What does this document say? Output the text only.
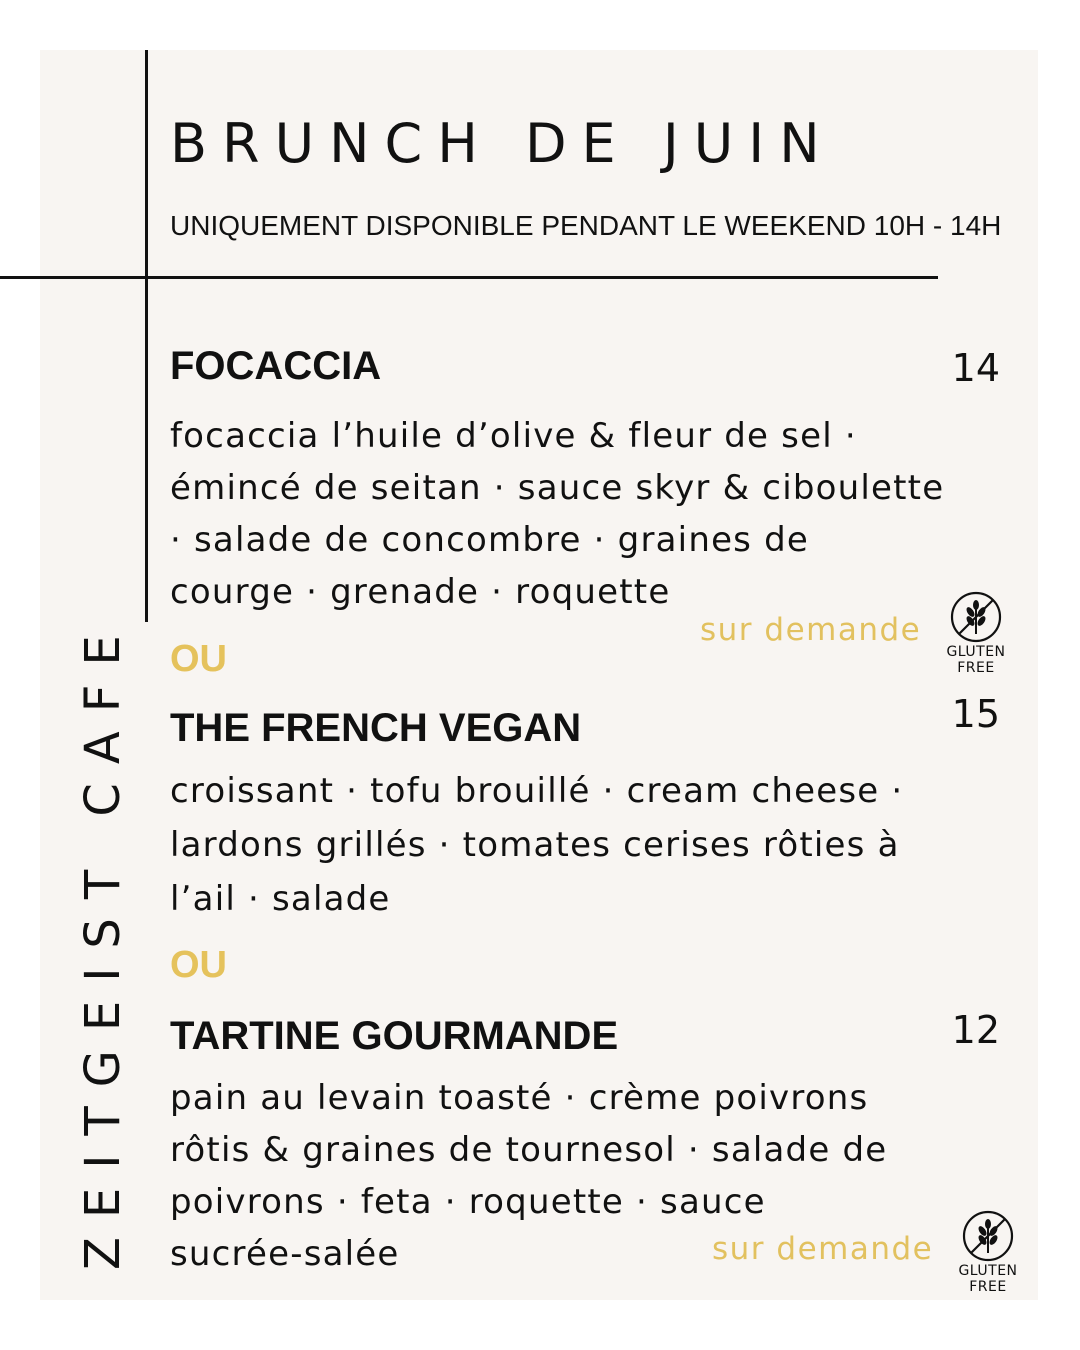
BRUNCH DE JUIN
UNIQUEMENT DISPONIBLE PENDANT LE WEEKEND 10H - 14H
ZEITGEIST CAFE
FOCACCIA	14
focaccia l’huile d’olive & fleur de sel ·
émincé de seitan · sauce skyr & ciboulette
· salade de concombre · graines de
courge · grenade · roquette
sur demande
GLUTEN
FREE
OU
THE FRENCH VEGAN	15
croissant · tofu brouillé · cream cheese ·
lardons grillés · tomates cerises rôties à
l’ail · salade
OU
TARTINE GOURMANDE	12
pain au levain toasté · crème poivrons
rôtis & graines de tournesol · salade de
poivrons · feta · roquette · sauce
sucrée-salée	sur demande
GLUTEN
FREE
